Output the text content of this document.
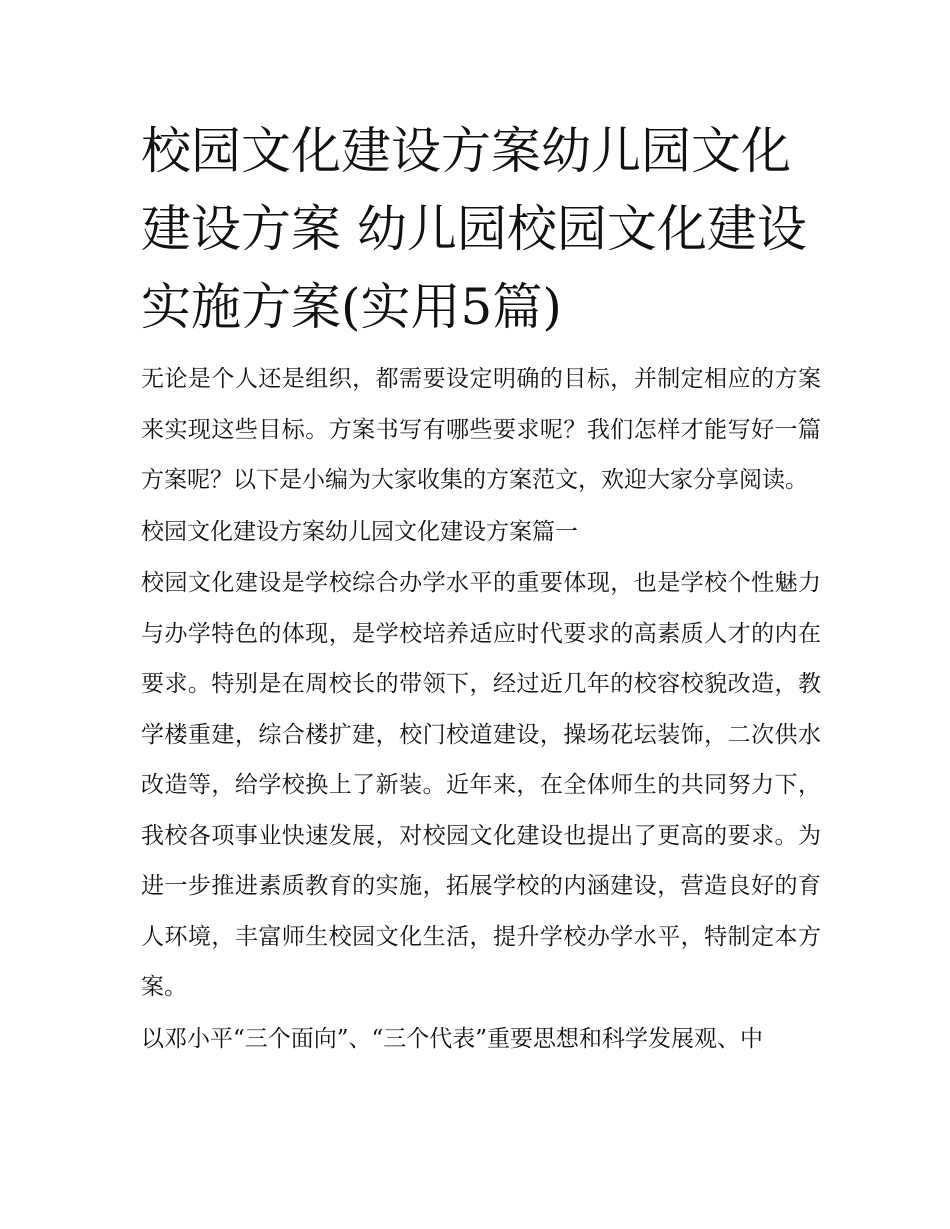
校园文化建设方案幼儿园文化建设方案 幼儿园校园文化建设实施方案(实用5篇)

无论是个人还是组织，都需要设定明确的目标，并制定相应的方案来实现这些目标。方案书写有哪些要求呢？我们怎样才能写好一篇方案呢？以下是小编为大家收集的方案范文，欢迎大家分享阅读。

校园文化建设方案幼儿园文化建设方案篇一

校园文化建设是学校综合办学水平的重要体现，也是学校个性魅力与办学特色的体现，是学校培养适应时代要求的高素质人才的内在要求。特别是在周校长的带领下，经过近几年的校容校貌改造，教学楼重建，综合楼扩建，校门校道建设，操场花坛装饰，二次供水改造等，给学校换上了新装。近年来，在全体师生的共同努力下，我校各项事业快速发展，对校园文化建设也提出了更高的要求。为进一步推进素质教育的实施，拓展学校的内涵建设，营造良好的育人环境，丰富师生校园文化生活，提升学校办学水平，特制定本方案。

以邓小平“三个面向”、“三个代表”重要思想和科学发展观、中
